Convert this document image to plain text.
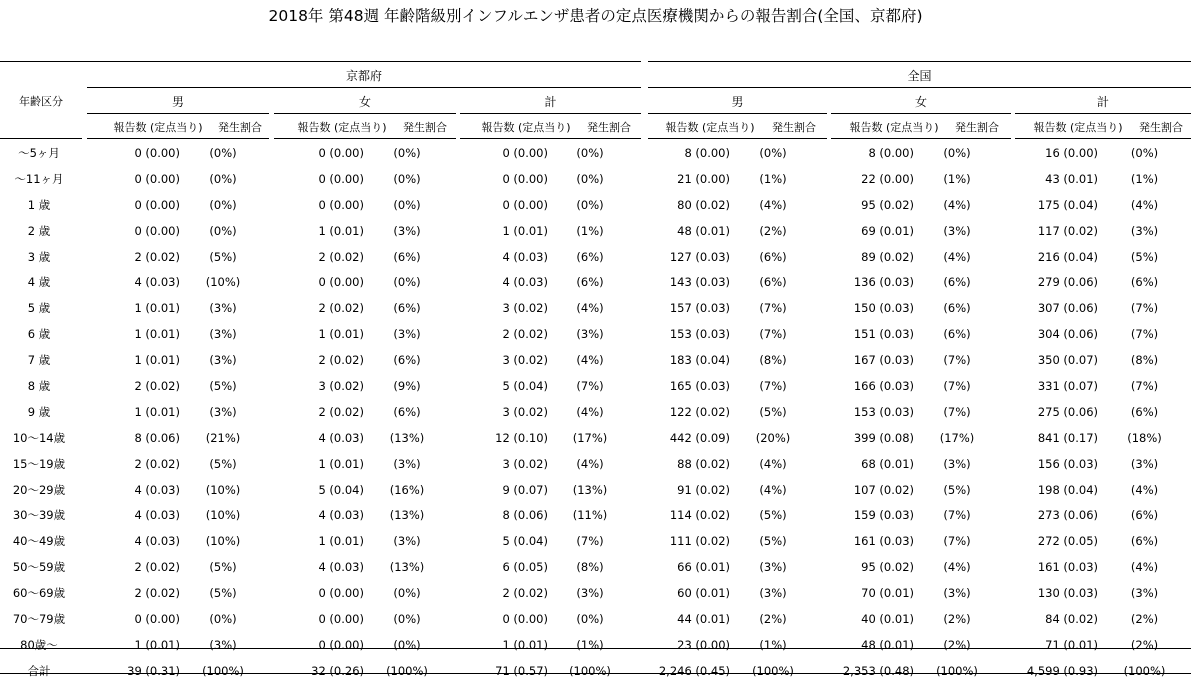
2018年 第48週 年齢階級別インフルエンザ患者の定点医療機関からの報告割合(全国、京都府)
京都府	全国
年齢区分	男	女	計	男	女	計
報告数 (定点当り)	発生割合	報告数 (定点当り)	発生割合	報告数 (定点当り)	発生割合	報告数 (定点当り)	発生割合	報告数 (定点当り)	発生割合	報告数 (定点当り)	発生割合
～5ヶ月	0 (0.00)	(0%)	0 (0.00)	(0%)	0 (0.00)	(0%)	8 (0.00)	(0%)	8 (0.00)	(0%)	16 (0.00)	(0%)
～11ヶ月	0 (0.00)	(0%)	0 (0.00)	(0%)	0 (0.00)	(0%)	21 (0.00)	(1%)	22 (0.00)	(1%)	43 (0.01)	(1%)
1 歳	0 (0.00)	(0%)	0 (0.00)	(0%)	0 (0.00)	(0%)	80 (0.02)	(4%)	95 (0.02)	(4%)	175 (0.04)	(4%)
2 歳	0 (0.00)	(0%)	1 (0.01)	(3%)	1 (0.01)	(1%)	48 (0.01)	(2%)	69 (0.01)	(3%)	117 (0.02)	(3%)
3 歳	2 (0.02)	(5%)	2 (0.02)	(6%)	4 (0.03)	(6%)	127 (0.03)	(6%)	89 (0.02)	(4%)	216 (0.04)	(5%)
4 歳	4 (0.03)	(10%)	0 (0.00)	(0%)	4 (0.03)	(6%)	143 (0.03)	(6%)	136 (0.03)	(6%)	279 (0.06)	(6%)
5 歳	1 (0.01)	(3%)	2 (0.02)	(6%)	3 (0.02)	(4%)	157 (0.03)	(7%)	150 (0.03)	(6%)	307 (0.06)	(7%)
6 歳	1 (0.01)	(3%)	1 (0.01)	(3%)	2 (0.02)	(3%)	153 (0.03)	(7%)	151 (0.03)	(6%)	304 (0.06)	(7%)
7 歳	1 (0.01)	(3%)	2 (0.02)	(6%)	3 (0.02)	(4%)	183 (0.04)	(8%)	167 (0.03)	(7%)	350 (0.07)	(8%)
8 歳	2 (0.02)	(5%)	3 (0.02)	(9%)	5 (0.04)	(7%)	165 (0.03)	(7%)	166 (0.03)	(7%)	331 (0.07)	(7%)
9 歳	1 (0.01)	(3%)	2 (0.02)	(6%)	3 (0.02)	(4%)	122 (0.02)	(5%)	153 (0.03)	(7%)	275 (0.06)	(6%)
10～14歳	8 (0.06)	(21%)	4 (0.03)	(13%)	12 (0.10)	(17%)	442 (0.09)	(20%)	399 (0.08)	(17%)	841 (0.17)	(18%)
15～19歳	2 (0.02)	(5%)	1 (0.01)	(3%)	3 (0.02)	(4%)	88 (0.02)	(4%)	68 (0.01)	(3%)	156 (0.03)	(3%)
20～29歳	4 (0.03)	(10%)	5 (0.04)	(16%)	9 (0.07)	(13%)	91 (0.02)	(4%)	107 (0.02)	(5%)	198 (0.04)	(4%)
30～39歳	4 (0.03)	(10%)	4 (0.03)	(13%)	8 (0.06)	(11%)	114 (0.02)	(5%)	159 (0.03)	(7%)	273 (0.06)	(6%)
40～49歳	4 (0.03)	(10%)	1 (0.01)	(3%)	5 (0.04)	(7%)	111 (0.02)	(5%)	161 (0.03)	(7%)	272 (0.05)	(6%)
50～59歳	2 (0.02)	(5%)	4 (0.03)	(13%)	6 (0.05)	(8%)	66 (0.01)	(3%)	95 (0.02)	(4%)	161 (0.03)	(4%)
60～69歳	2 (0.02)	(5%)	0 (0.00)	(0%)	2 (0.02)	(3%)	60 (0.01)	(3%)	70 (0.01)	(3%)	130 (0.03)	(3%)
70～79歳	0 (0.00)	(0%)	0 (0.00)	(0%)	0 (0.00)	(0%)	44 (0.01)	(2%)	40 (0.01)	(2%)	84 (0.02)	(2%)
80歳～	1 (0.01)	(3%)	0 (0.00)	(0%)	1 (0.01)	(1%)	23 (0.00)	(1%)	48 (0.01)	(2%)	71 (0.01)	(2%)
合計	39 (0.31)	(100%)	32 (0.26)	(100%)	71 (0.57)	(100%)	2,246 (0.45)	(100%)	2,353 (0.48)	(100%)	4,599 (0.93)	(100%)
